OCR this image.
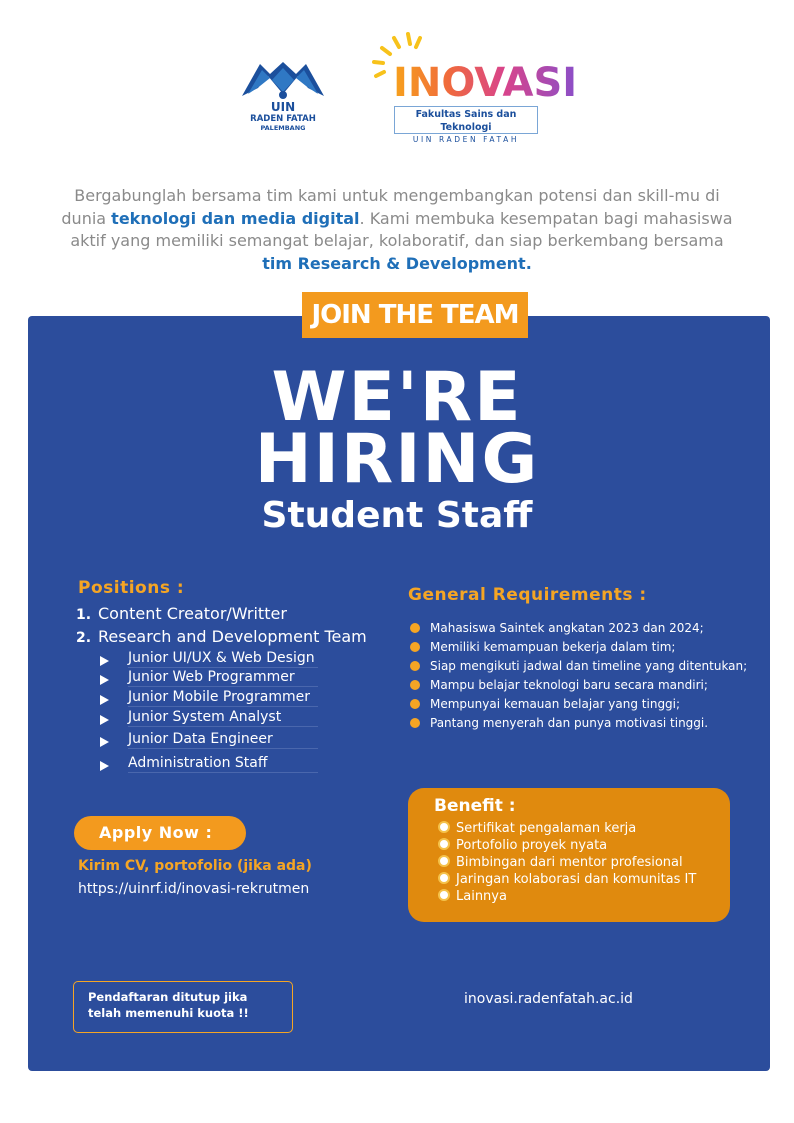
UIN
RADEN FATAH
PALEMBANG
INOVASI
Fakultas Sains dan Teknologi
UIN RADEN FATAH
Bergabunglah bersama tim kami untuk mengembangkan potensi dan skill-mu di dunia teknologi dan media digital. Kami membuka kesempatan bagi mahasiswa aktif yang memiliki semangat belajar, kolaboratif, dan siap berkembang bersama tim Research & Development.
JOIN THE TEAM
WE'RE
HIRING
Student Staff
Positions :
1. Content Creator/Writter
2. Research and Development Team
Junior UI/UX & Web Design
Junior Web Programmer
Junior Mobile Programmer
Junior System Analyst
Junior Data Engineer
Administration Staff
General Requirements :
Mahasiswa Saintek angkatan 2023 dan 2024;
Memiliki kemampuan bekerja dalam tim;
Siap mengikuti jadwal dan timeline yang ditentukan;
Mampu belajar teknologi baru secara mandiri;
Mempunyai kemauan belajar yang tinggi;
Pantang menyerah dan punya motivasi tinggi.
Benefit :
Sertifikat pengalaman kerja
Portofolio proyek nyata
Bimbingan dari mentor profesional
Jaringan kolaborasi dan komunitas IT
Lainnya
Apply Now :
Kirim CV, portofolio (jika ada)
https://uinrf.id/inovasi-rekrutmen
Pendaftaran ditutup jika
telah memenuhi kuota !!
inovasi.radenfatah.ac.id
